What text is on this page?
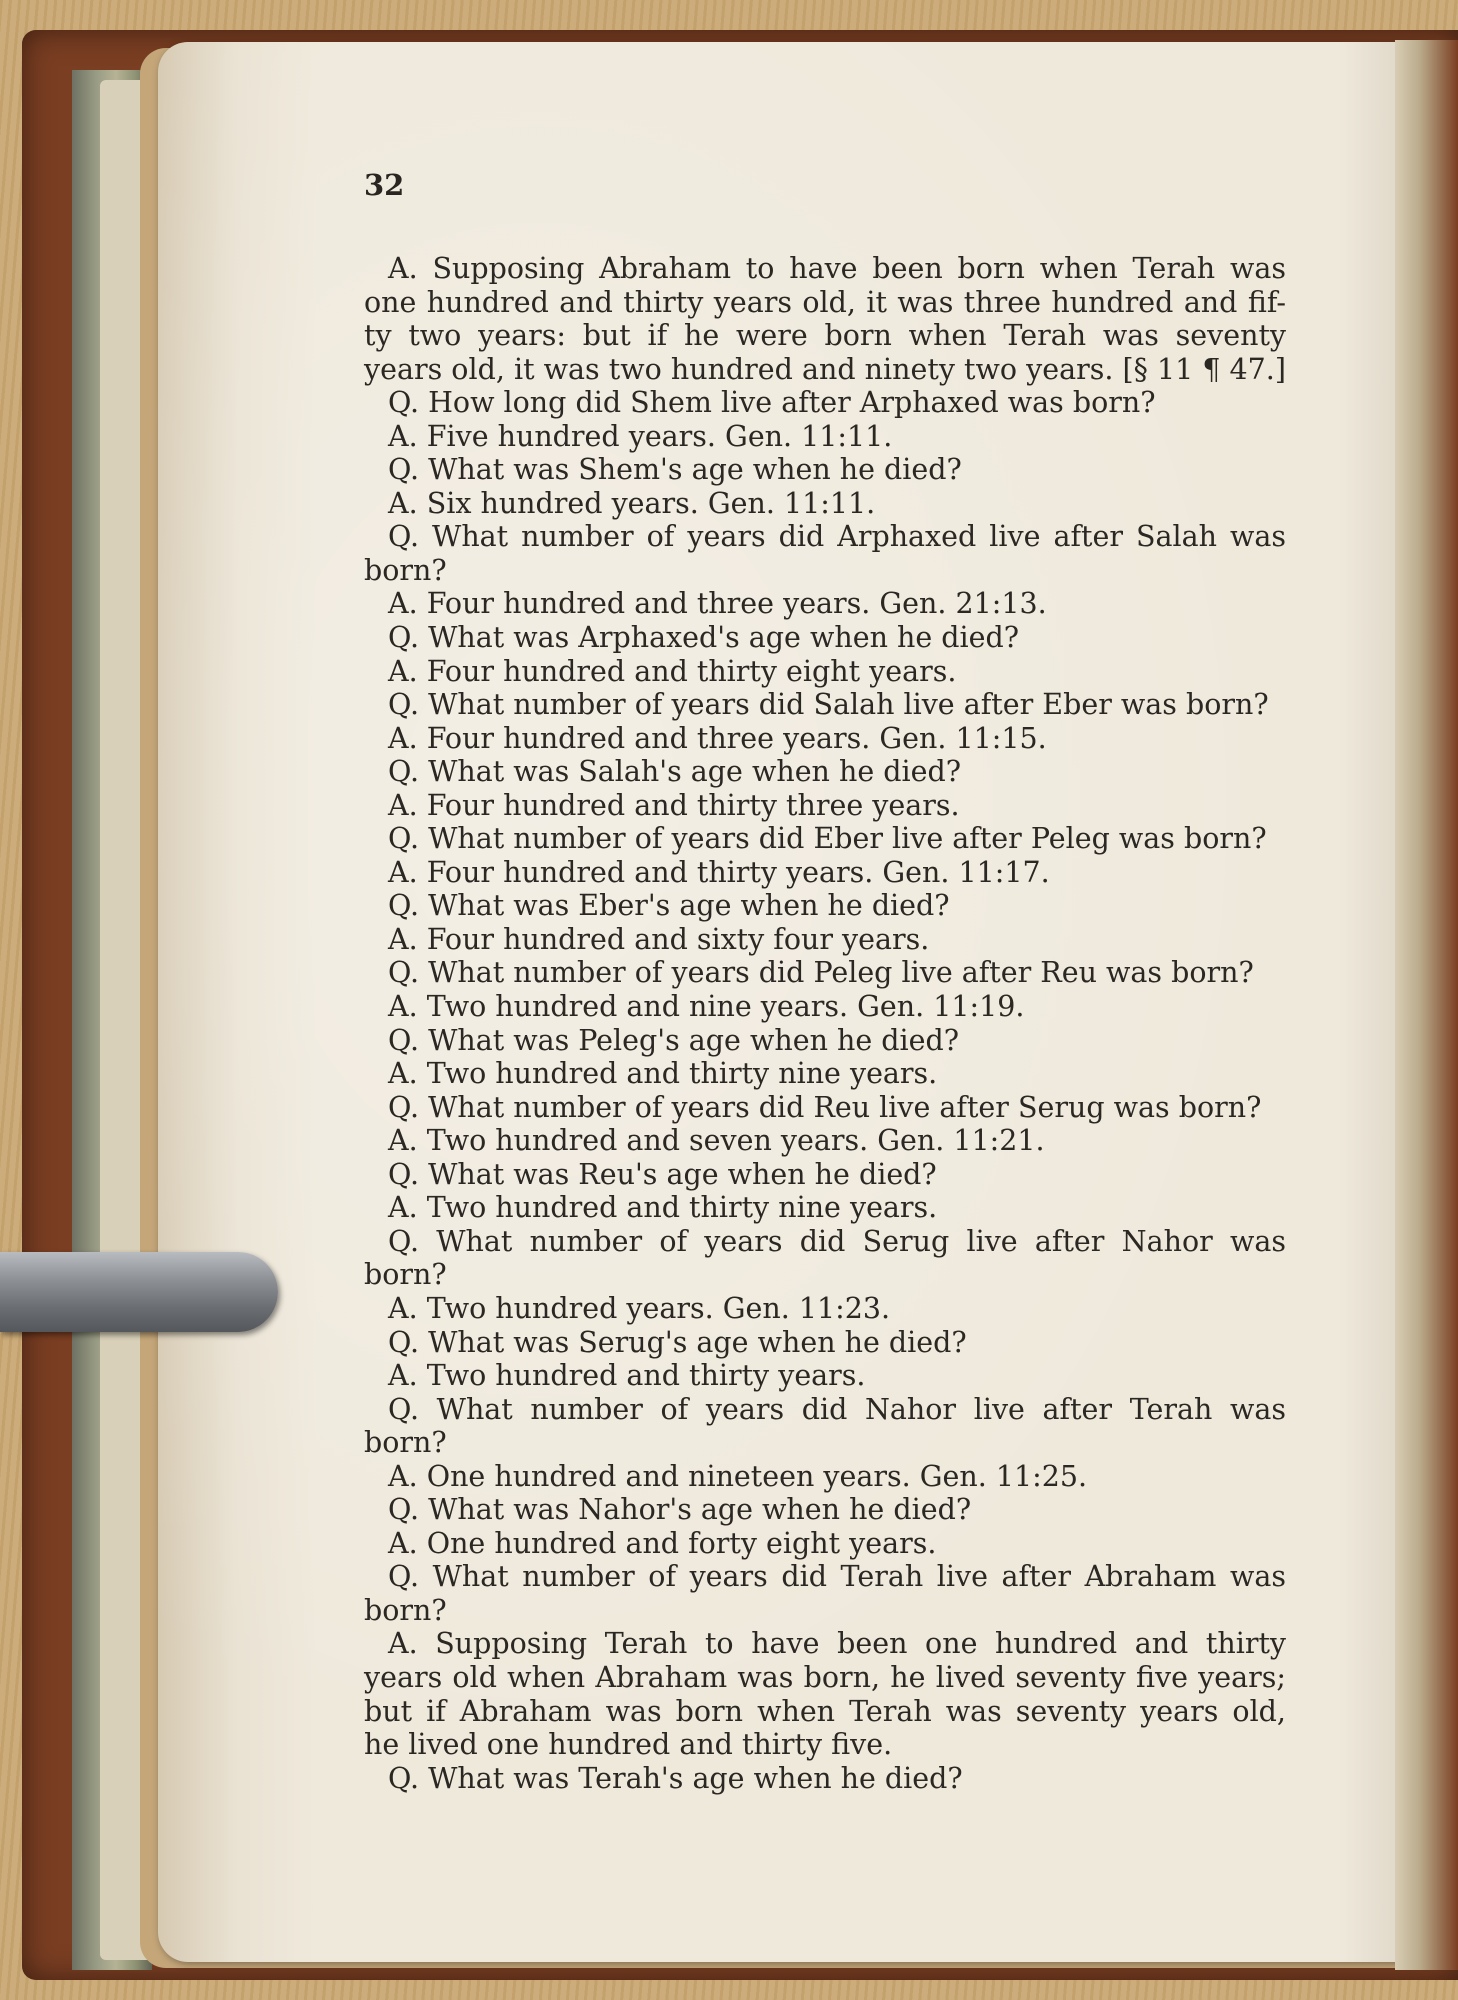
32
A. Supposing Abraham to have been born when Terah was
one hundred and thirty years old, it was three hundred and fif-
ty two years: but if he were born when Terah was seventy
years old, it was two hundred and ninety two years. [§ 11 ¶ 47.]
Q. How long did Shem live after Arphaxed was born?
A. Five hundred years. Gen. 11:11.
Q. What was Shem's age when he died?
A. Six hundred years. Gen. 11:11.
Q. What number of years did Arphaxed live after Salah was
born?
A. Four hundred and three years. Gen. 21:13.
Q. What was Arphaxed's age when he died?
A. Four hundred and thirty eight years.
Q. What number of years did Salah live after Eber was born?
A. Four hundred and three years. Gen. 11:15.
Q. What was Salah's age when he died?
A. Four hundred and thirty three years.
Q. What number of years did Eber live after Peleg was born?
A. Four hundred and thirty years. Gen. 11:17.
Q. What was Eber's age when he died?
A. Four hundred and sixty four years.
Q. What number of years did Peleg live after Reu was born?
A. Two hundred and nine years. Gen. 11:19.
Q. What was Peleg's age when he died?
A. Two hundred and thirty nine years.
Q. What number of years did Reu live after Serug was born?
A. Two hundred and seven years. Gen. 11:21.
Q. What was Reu's age when he died?
A. Two hundred and thirty nine years.
Q. What number of years did Serug live after Nahor was
born?
A. Two hundred years. Gen. 11:23.
Q. What was Serug's age when he died?
A. Two hundred and thirty years.
Q. What number of years did Nahor live after Terah was
born?
A. One hundred and nineteen years. Gen. 11:25.
Q. What was Nahor's age when he died?
A. One hundred and forty eight years.
Q. What number of years did Terah live after Abraham was
born?
A. Supposing Terah to have been one hundred and thirty
years old when Abraham was born, he lived seventy five years;
but if Abraham was born when Terah was seventy years old,
he lived one hundred and thirty five.
Q. What was Terah's age when he died?
